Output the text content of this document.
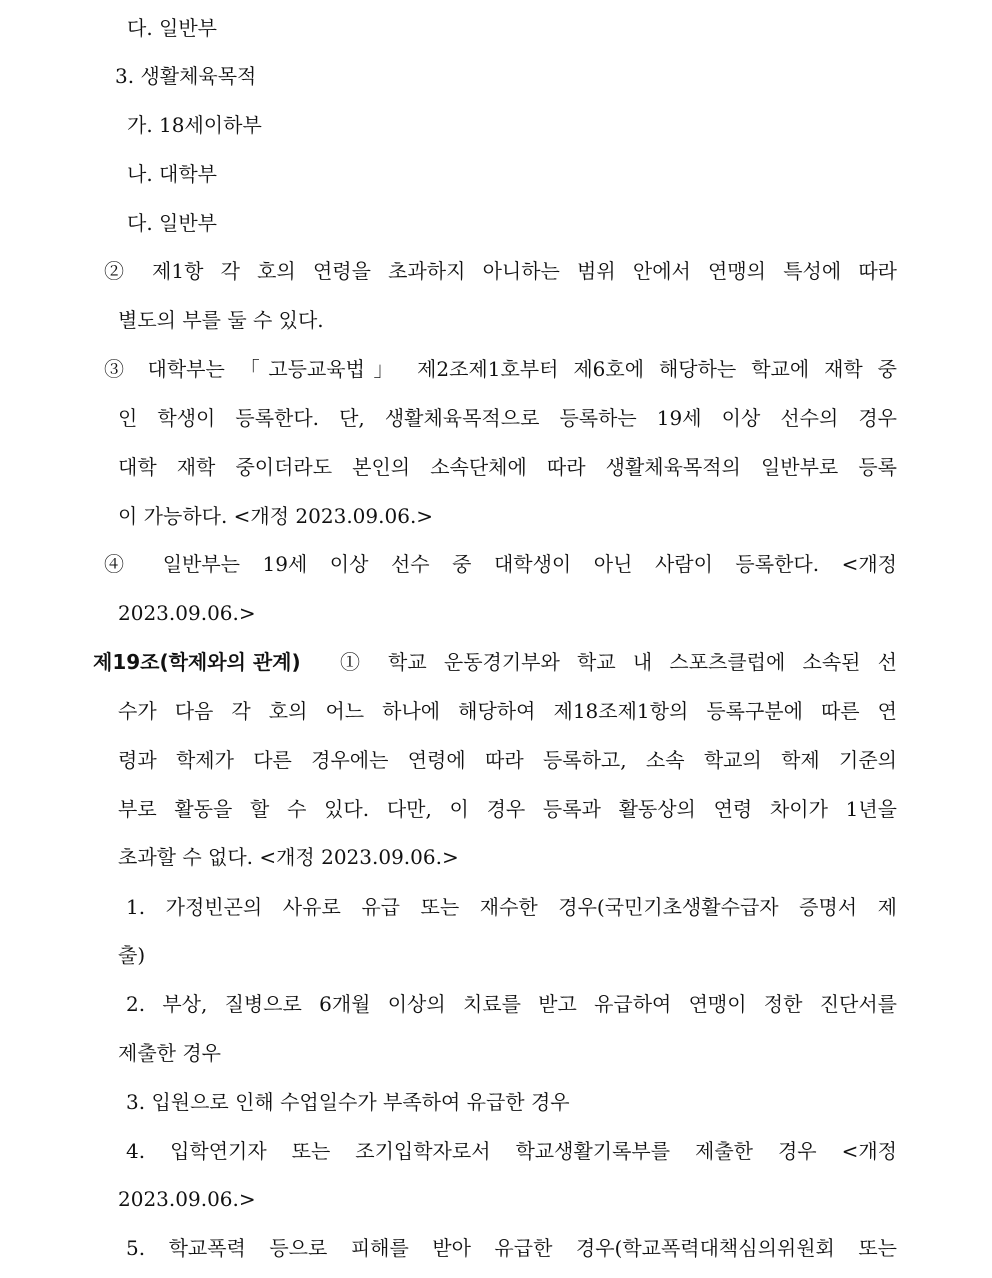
다. 일반부
3. 생활체육목적
가. 18세이하부
나. 대학부
다. 일반부
② 제1항 각 호의 연령을 초과하지 아니하는 범위 안에서 연맹의 특성에 따라
별도의 부를 둘 수 있다.
③ 대학부는 「고등교육법」 제2조제1호부터 제6호에 해당하는 학교에 재학 중
인 학생이 등록한다. 단, 생활체육목적으로 등록하는 19세 이상 선수의 경우
대학 재학 중이더라도 본인의 소속단체에 따라 생활체육목적의 일반부로 등록
이 가능하다. <개정 2023.09.06.>
④ 일반부는 19세 이상 선수 중 대학생이 아닌 사람이 등록한다. <개정
2023.09.06.>
제19조(학제와의 관계) ① 학교 운동경기부와 학교 내 스포츠클럽에 소속된 선
수가 다음 각 호의 어느 하나에 해당하여 제18조제1항의 등록구분에 따른 연
령과 학제가 다른 경우에는 연령에 따라 등록하고, 소속 학교의 학제 기준의
부로 활동을 할 수 있다. 다만, 이 경우 등록과 활동상의 연령 차이가 1년을
초과할 수 없다. <개정 2023.09.06.>
1. 가정빈곤의 사유로 유급 또는 재수한 경우(국민기초생활수급자 증명서 제
출)
2. 부상, 질병으로 6개월 이상의 치료를 받고 유급하여 연맹이 정한 진단서를
제출한 경우
3. 입원으로 인해 수업일수가 부족하여 유급한 경우
4. 입학연기자 또는 조기입학자로서 학교생활기록부를 제출한 경우 <개정
2023.09.06.>
5. 학교폭력 등으로 피해를 받아 유급한 경우(학교폭력대책심의위원회 또는
